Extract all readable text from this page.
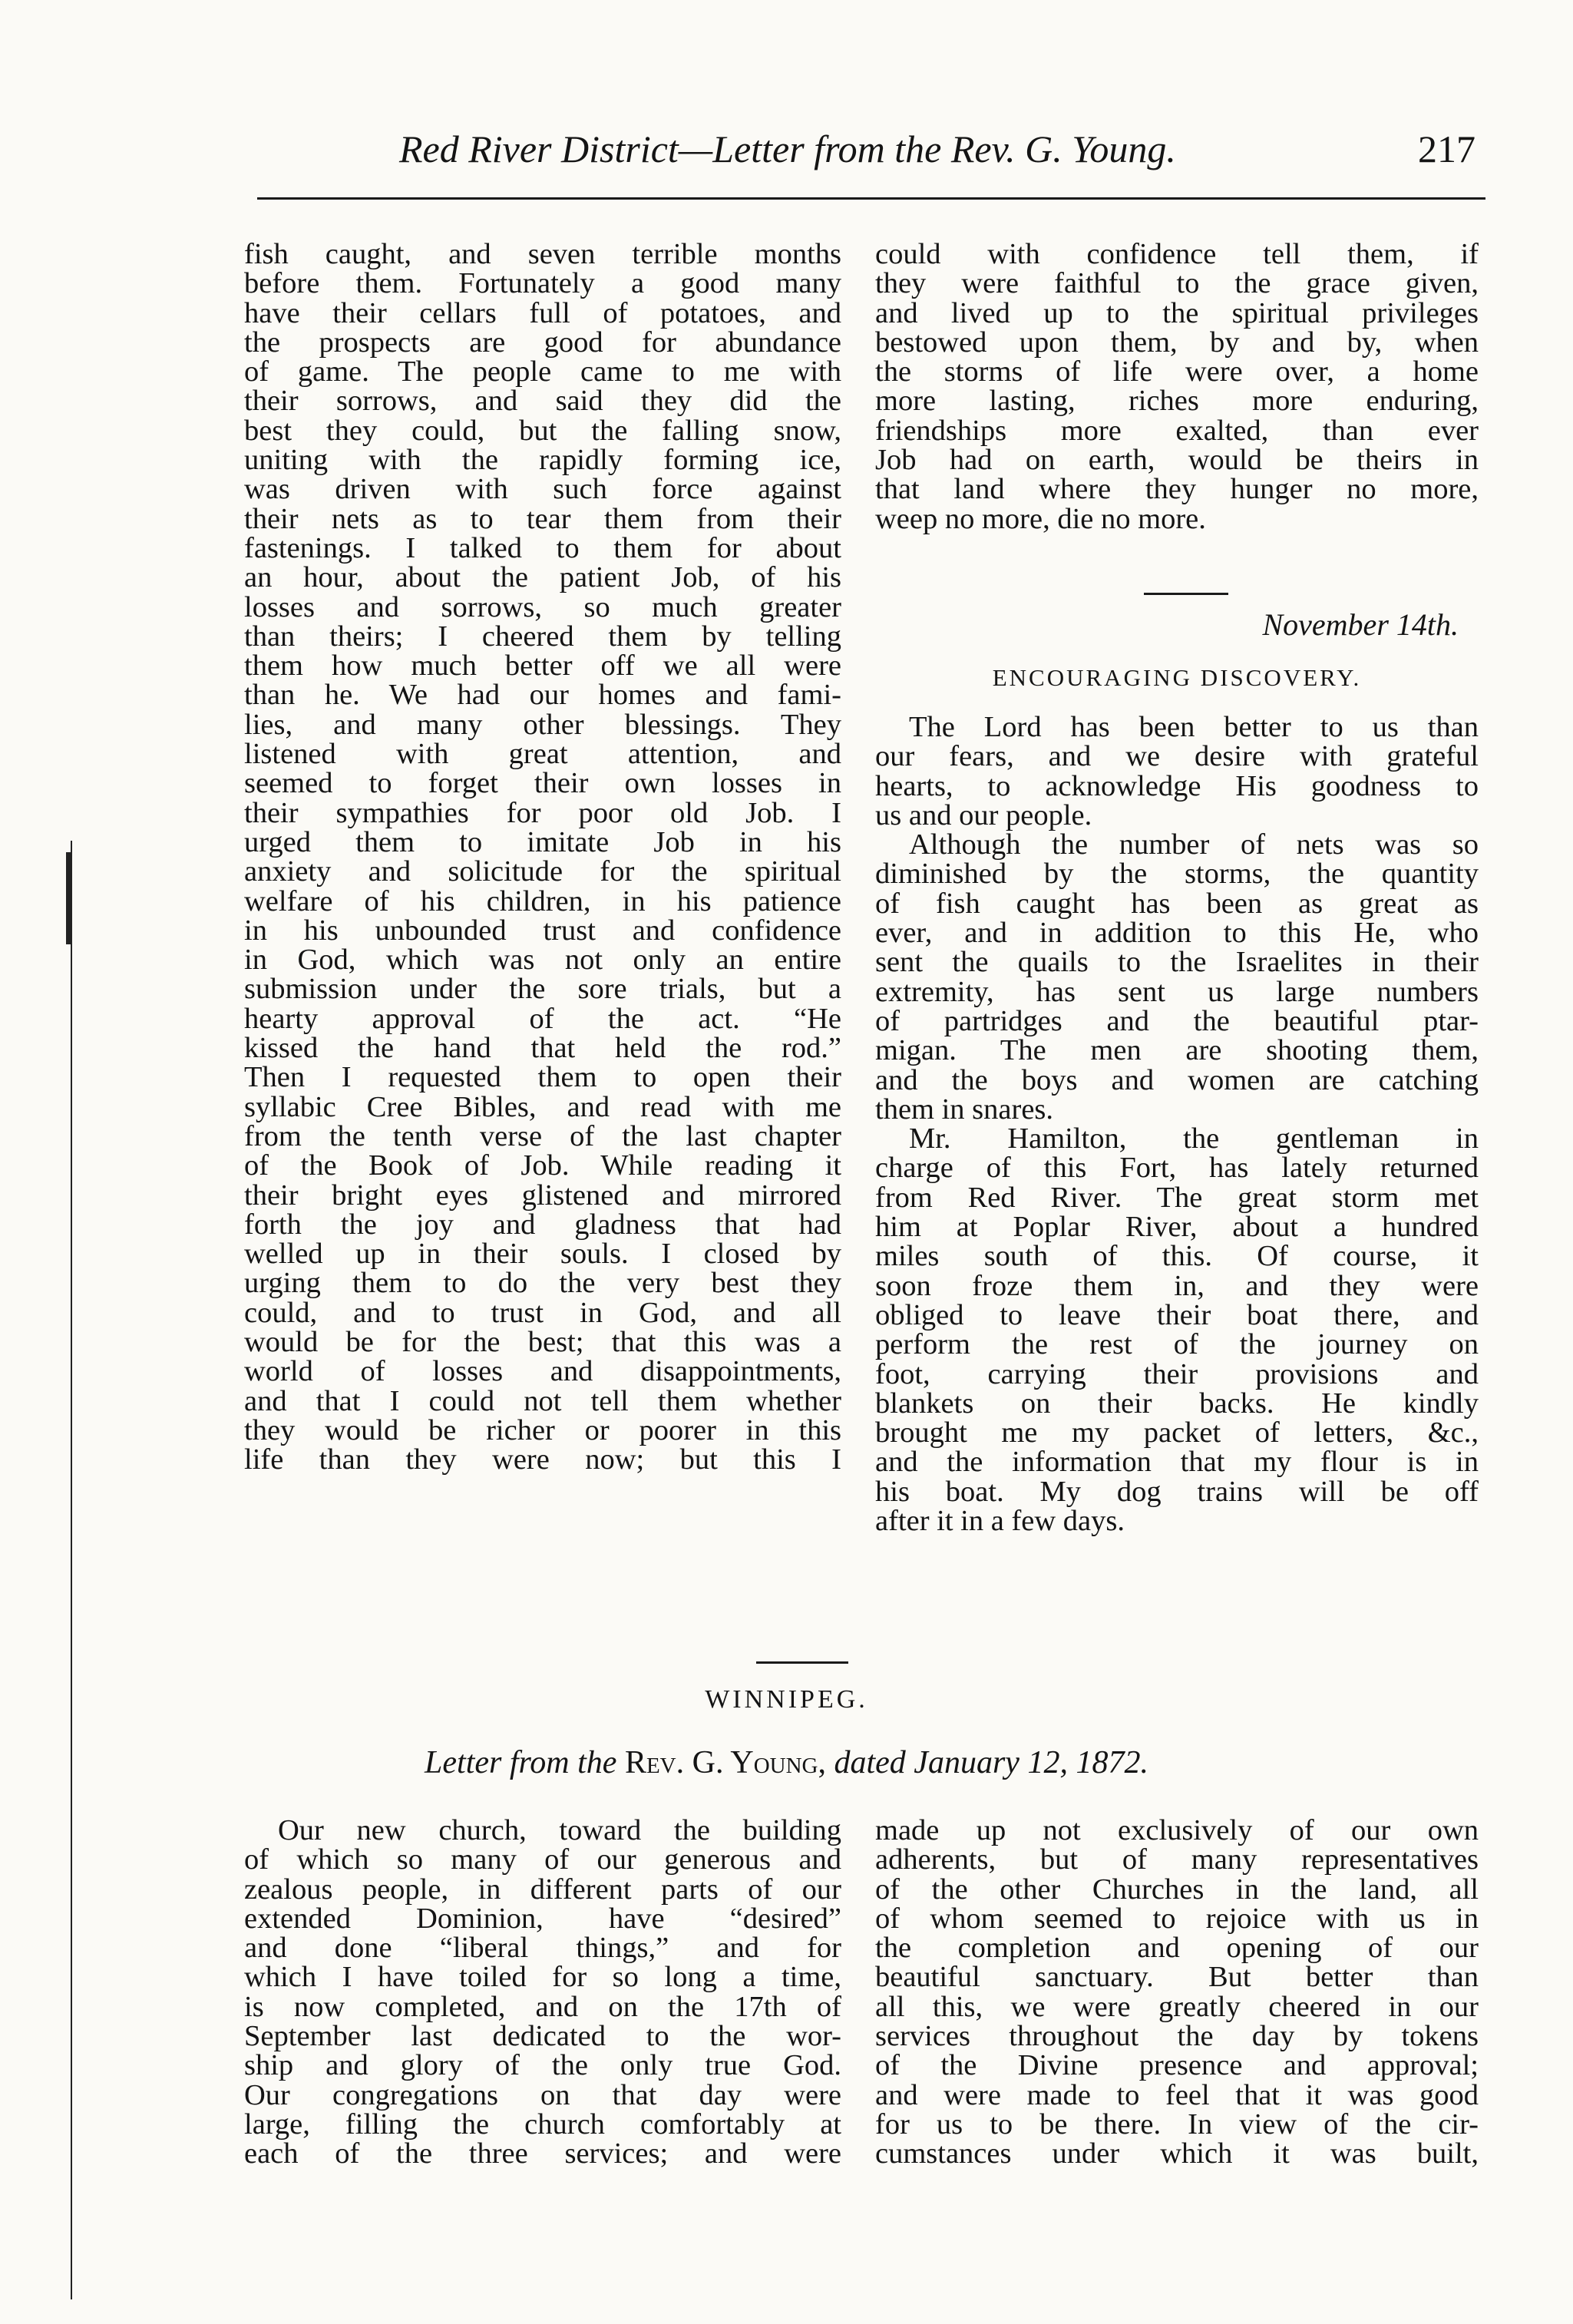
Red River District—Letter from the Rev. G. Young.	217
fish caught, and seven terrible months
before them. Fortunately a good many
have their cellars full of potatoes, and
the prospects are good for abundance
of game. The people came to me with
their sorrows, and said they did the
best they could, but the falling snow,
uniting with the rapidly forming ice,
was driven with such force against
their nets as to tear them from their
fastenings. I talked to them for about
an hour, about the patient Job, of his
losses and sorrows, so much greater
than theirs; I cheered them by telling
them how much better off we all were
than he. We had our homes and fami-
lies, and many other blessings. They
listened with great attention, and
seemed to forget their own losses in
their sympathies for poor old Job. I
urged them to imitate Job in his
anxiety and solicitude for the spiritual
welfare of his children, in his patience
in his unbounded trust and confidence
in God, which was not only an entire
submission under the sore trials, but a
hearty approval of the act. “He
kissed the hand that held the rod.”
Then I requested them to open their
syllabic Cree Bibles, and read with me
from the tenth verse of the last chapter
of the Book of Job. While reading it
their bright eyes glistened and mirrored
forth the joy and gladness that had
welled up in their souls. I closed by
urging them to do the very best they
could, and to trust in God, and all
would be for the best; that this was a
world of losses and disappointments,
and that I could not tell them whether
they would be richer or poorer in this
life than they were now; but this I
could with confidence tell them, if
they were faithful to the grace given,
and lived up to the spiritual privileges
bestowed upon them, by and by, when
the storms of life were over, a home
more lasting, riches more enduring,
friendships more exalted, than ever
Job had on earth, would be theirs in
that land where they hunger no more,
weep no more, die no more.
November 14th.
ENCOURAGING DISCOVERY.
The Lord has been better to us than
our fears, and we desire with grateful
hearts, to acknowledge His goodness to
us and our people.
Although the number of nets was so
diminished by the storms, the quantity
of fish caught has been as great as
ever, and in addition to this He, who
sent the quails to the Israelites in their
extremity, has sent us large numbers
of partridges and the beautiful ptar-
migan. The men are shooting them,
and the boys and women are catching
them in snares.
Mr. Hamilton, the gentleman in
charge of this Fort, has lately returned
from Red River. The great storm met
him at Poplar River, about a hundred
miles south of this. Of course, it
soon froze them in, and they were
obliged to leave their boat there, and
perform the rest of the journey on
foot, carrying their provisions and
blankets on their backs. He kindly
brought me my packet of letters, &c.,
and the information that my flour is in
his boat. My dog trains will be off
after it in a few days.
WINNIPEG.
Letter from the Rev. G. Young, dated January 12, 1872.
Our new church, toward the building
of which so many of our generous and
zealous people, in different parts of our
extended Dominion, have “desired”
and done “liberal things,” and for
which I have toiled for so long a time,
is now completed, and on the 17th of
September last dedicated to the wor-
ship and glory of the only true God.
Our congregations on that day were
large, filling the church comfortably at
each of the three services; and were
made up not exclusively of our own
adherents, but of many representatives
of the other Churches in the land, all
of whom seemed to rejoice with us in
the completion and opening of our
beautiful sanctuary. But better than
all this, we were greatly cheered in our
services throughout the day by tokens
of the Divine presence and approval;
and were made to feel that it was good
for us to be there. In view of the cir-
cumstances under which it was built,
